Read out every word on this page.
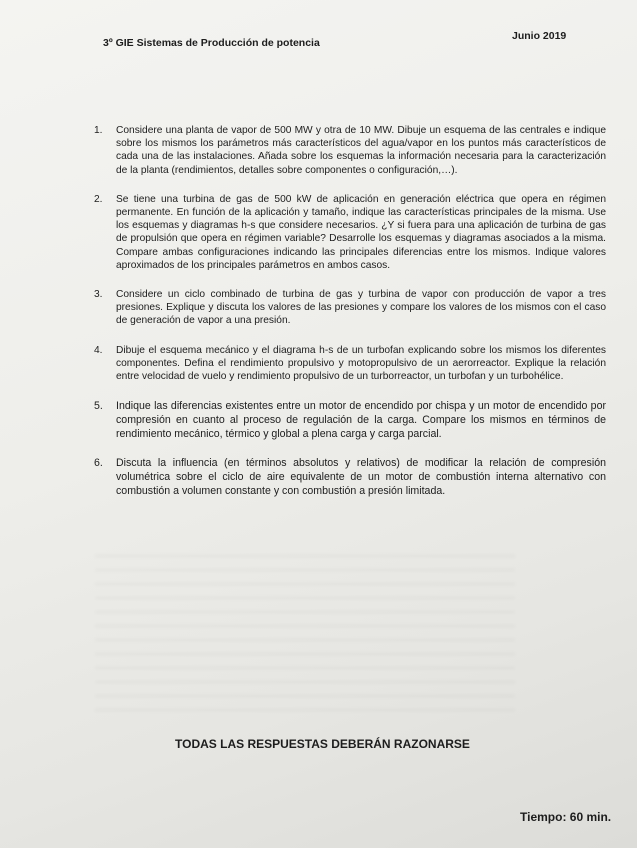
3º GIE Sistemas de Producción de potencia
Junio 2019
1. Considere una planta de vapor de 500 MW y otra de 10 MW. Dibuje un esquema de las centrales e indique sobre los mismos los parámetros más característicos del agua/vapor en los puntos más característicos de cada una de las instalaciones. Añada sobre los esquemas la información necesaria para la caracterización de la planta (rendimientos, detalles sobre componentes o configuración,…).
2. Se tiene una turbina de gas de 500 kW de aplicación en generación eléctrica que opera en régimen permanente. En función de la aplicación y tamaño, indique las características principales de la misma. Use los esquemas y diagramas h-s que considere necesarios. ¿Y si fuera para una aplicación de turbina de gas de propulsión que opera en régimen variable? Desarrolle los esquemas y diagramas asociados a la misma. Compare ambas configuraciones indicando las principales diferencias entre los mismos. Indique valores aproximados de los principales parámetros en ambos casos.
3. Considere un ciclo combinado de turbina de gas y turbina de vapor con producción de vapor a tres presiones. Explique y discuta los valores de las presiones y compare los valores de los mismos con el caso de generación de vapor a una presión.
4. Dibuje el esquema mecánico y el diagrama h-s de un turbofan explicando sobre los mismos los diferentes componentes. Defina el rendimiento propulsivo y motopropulsivo de un aerorreactor. Explique la relación entre velocidad de vuelo y rendimiento propulsivo de un turborreactor, un turbofan y un turbohélice.
5. Indique las diferencias existentes entre un motor de encendido por chispa y un motor de encendido por compresión en cuanto al proceso de regulación de la carga. Compare los mismos en términos de rendimiento mecánico, térmico y global a plena carga y carga parcial.
6. Discuta la influencia (en términos absolutos y relativos) de modificar la relación de compresión volumétrica sobre el ciclo de aire equivalente de un motor de combustión interna alternativo con combustión a volumen constante y con combustión a presión limitada.
TODAS LAS RESPUESTAS DEBERÁN RAZONARSE
Tiempo: 60 min.
